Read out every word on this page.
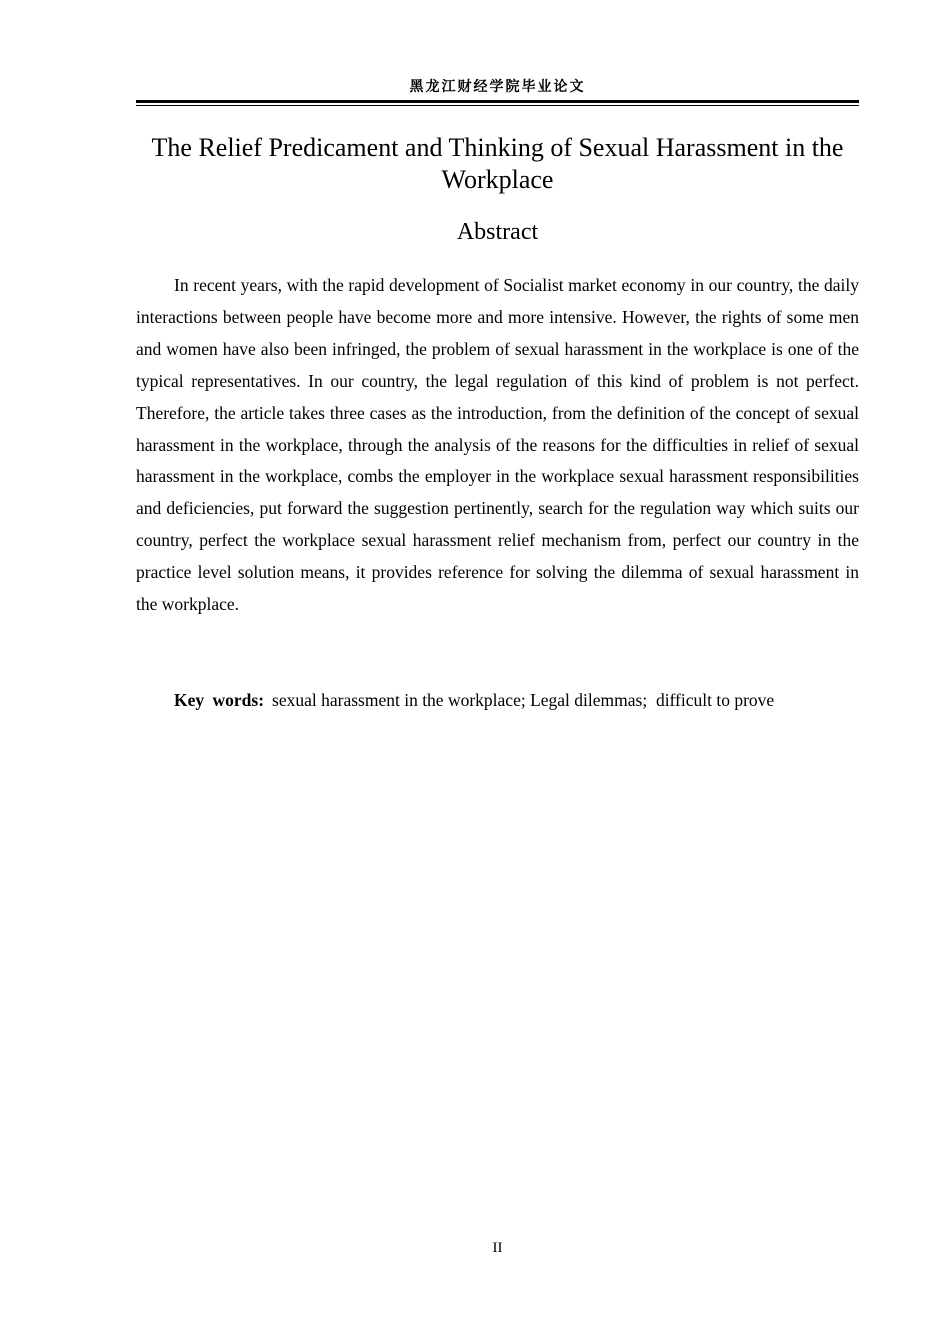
黑龙江财经学院毕业论文
The Relief Predicament and Thinking of Sexual Harassment in the Workplace
Abstract

In recent years, with the rapid development of Socialist market economy in our country, the daily interactions between people have become more and more intensive. However, the rights of some men and women have also been infringed, the problem of sexual harassment in the workplace is one of the typical representatives. In our country, the legal regulation of this kind of problem is not perfect. Therefore, the article takes three cases as the introduction, from the definition of the concept of sexual harassment in the workplace, through the analysis of the reasons for the difficulties in relief of sexual harassment in the workplace, combs the employer in the workplace sexual harassment responsibilities and deficiencies, put forward the suggestion pertinently, search for the regulation way which suits our country, perfect the workplace sexual harassment relief mechanism from, perfect our country in the practice level solution means, it provides reference for solving the dilemma of sexual harassment in the workplace.

Key words: sexual harassment in the workplace; Legal dilemmas;  difficult to prove

II
